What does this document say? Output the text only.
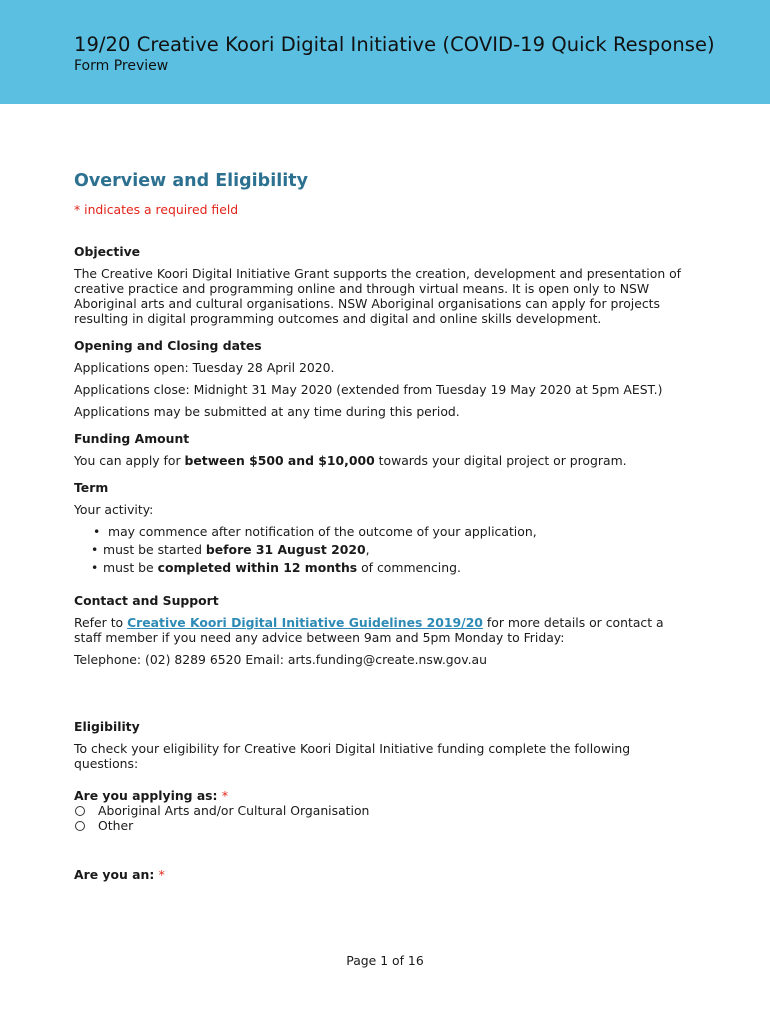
19/20 Creative Koori Digital Initiative (COVID-19 Quick Response)
Form Preview
Overview and Eligibility
* indicates a required field
Objective

The Creative Koori Digital Initiative Grant supports the creation, development and presentation of creative practice and programming online and through virtual means. It is open only to NSW Aboriginal arts and cultural organisations. NSW Aboriginal organisations can apply for projects resulting in digital programming outcomes and digital and online skills development.

Opening and Closing dates

Applications open: Tuesday 28 April 2020.

Applications close: Midnight 31 May 2020 (extended from Tuesday 19 May 2020 at 5pm AEST.)

Applications may be submitted at any time during this period.

Funding Amount

You can apply for between $500 and $10,000 towards your digital project or program.

Term

Your activity:

• may commence after notification of the outcome of your application,
• must be started before 31 August 2020,
• must be completed within 12 months of commencing.
Contact and Support

Refer to Creative Koori Digital Initiative Guidelines 2019/20 for more details or contact a staff member if you need any advice between 9am and 5pm Monday to Friday:

Telephone: (02) 8289 6520 Email: arts.funding@create.nsw.gov.au

Eligibility

To check your eligibility for Creative Koori Digital Initiative funding complete the following questions:

Are you applying as: *
Aboriginal Arts and/or Cultural Organisation
Other
Are you an: *
Page 1 of 16
